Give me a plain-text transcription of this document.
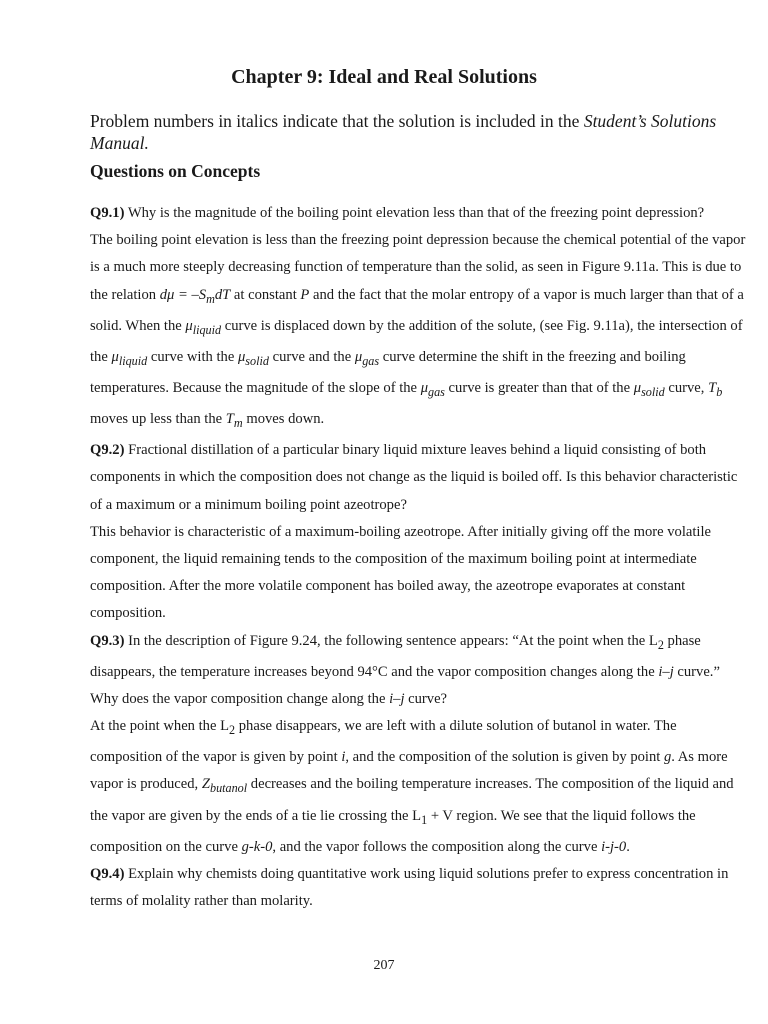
Chapter 9: Ideal and Real Solutions
Problem numbers in italics indicate that the solution is included in the Student’s Solutions Manual.
Questions on Concepts

Q9.1) Why is the magnitude of the boiling point elevation less than that of the freezing point depression?

The boiling point elevation is less than the freezing point depression because the chemical potential of the vapor is a much more steeply decreasing function of temperature than the solid, as seen in Figure 9.11a. This is due to the relation $d\mu = -S_mdT$ at constant P and the fact that the molar entropy of a vapor is much larger than that of a solid. When the $\mu_{liquid}$ curve is displaced down by the addition of the solute, (see Fig. 9.11a), the intersection of the $\mu_{liquid}$ curve with the $\mu_{solid}$ curve and the $\mu_{gas}$ curve determine the shift in the freezing and boiling temperatures. Because the magnitude of the slope of the $\mu_{gas}$ curve is greater than that of the $\mu_{solid}$ curve, $T_b$ moves up less than the $T_m$ moves down.

Q9.2) Fractional distillation of a particular binary liquid mixture leaves behind a liquid consisting of both components in which the composition does not change as the liquid is boiled off. Is this behavior characteristic of a maximum or a minimum boiling point azeotrope?

This behavior is characteristic of a maximum-boiling azeotrope. After initially giving off the more volatile component, the liquid remaining tends to the composition of the maximum boiling point at intermediate composition. After the more volatile component has boiled away, the azeotrope evaporates at constant composition.

Q9.3) In the description of Figure 9.24, the following sentence appears: “At the point when the $L_2$ phase disappears, the temperature increases beyond 94°C and the vapor composition changes along the i–j curve.” Why does the vapor composition change along the i–j curve?

At the point when the $L_2$ phase disappears, we are left with a dilute solution of butanol in water. The composition of the vapor is given by point i, and the composition of the solution is given by point g. As more vapor is produced, $Z_{butanol}$ decreases and the boiling temperature increases. The composition of the liquid and the vapor are given by the ends of a tie lie crossing the $L_1 + V$ region. We see that the liquid follows the composition on the curve g-k-0, and the vapor follows the composition along the curve i-j-0.

Q9.4) Explain why chemists doing quantitative work using liquid solutions prefer to express concentration in terms of molality rather than molarity.

207
